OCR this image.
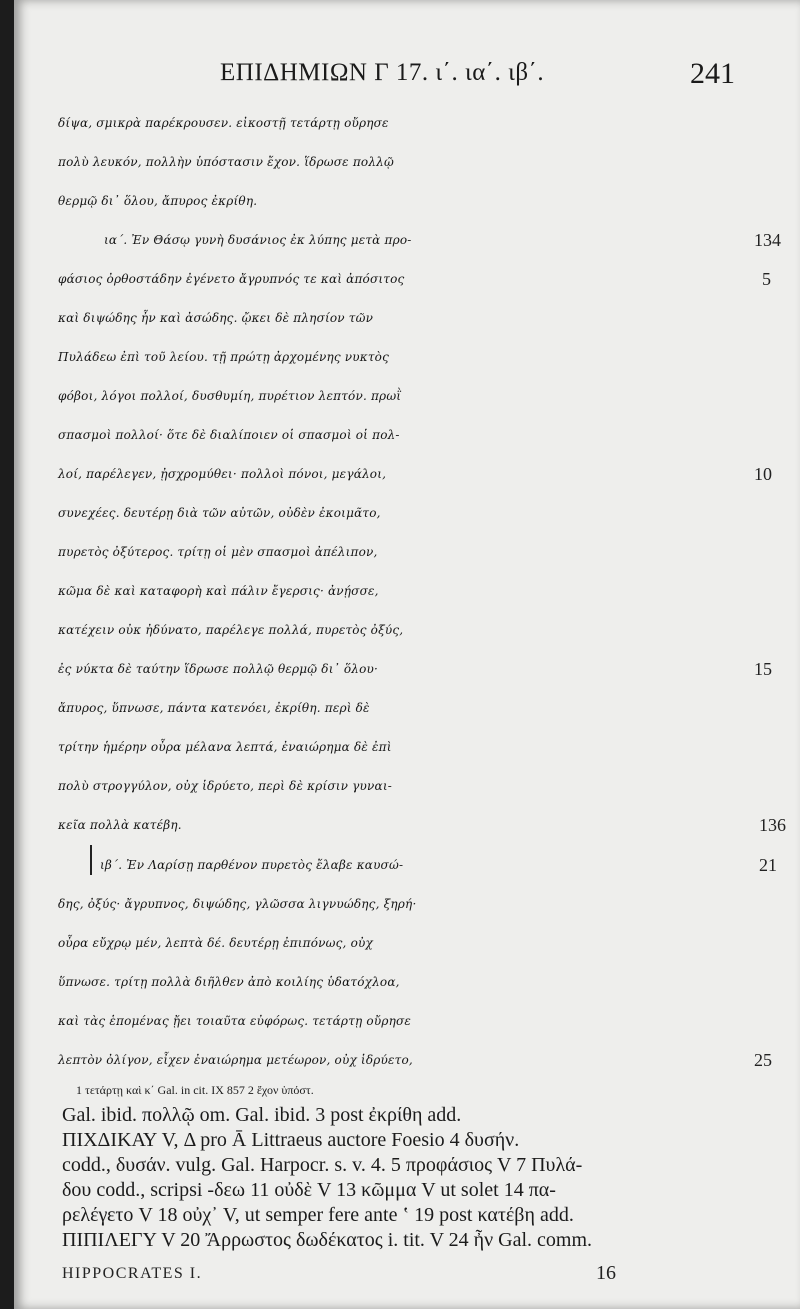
ΕΠΙΔΗΜΙΩΝ Γ 17. ι΄. ια΄. ιβ΄.	241
δίψα, σμικρὰ παρέκρουσεν. εἰκοστῇ τετάρτῃ οὔρησε
πολὺ λευκόν, πολλὴν ὑπόστασιν ἔχον. ἵδρωσε πολλῷ
θερμῷ δι᾽ ὅλου, ἄπυρος ἐκρίθη.
ια΄. Ἐν Θάσῳ γυνὴ δυσάνιος ἐκ λύπης μετὰ προ-
φάσιος ὀρθοστάδην ἐγένετο ἄγρυπνός τε καὶ ἀπόσιτος
καὶ διψώδης ἦν καὶ ἀσώδης. ᾤκει δὲ πλησίον τῶν
Πυλάδεω ἐπὶ τοῦ λείου. τῇ πρώτῃ ἀρχομένης νυκτὸς
φόβοι, λόγοι πολλοί, δυσθυμίη, πυρέτιον λεπτόν. πρωῒ
σπασμοὶ πολλοί· ὅτε δὲ διαλίποιεν οἱ σπασμοὶ οἱ πολ-
λοί, παρέλεγεν, ᾐσχρομύθει· πολλοὶ πόνοι, μεγάλοι,
συνεχέες. δευτέρῃ διὰ τῶν αὐτῶν, οὐδὲν ἐκοιμᾶτο,
πυρετὸς ὀξύτερος. τρίτῃ οἱ μὲν σπασμοὶ ἀπέλιπον,
κῶμα δὲ καὶ καταφορὴ καὶ πάλιν ἔγερσις· ἀνῄσσε,
κατέχειν οὐκ ἠδύνατο, παρέλεγε πολλά, πυρετὸς ὀξύς,
ἐς νύκτα δὲ ταύτην ἵδρωσε πολλῷ θερμῷ δι᾽ ὅλου·
ἄπυρος, ὕπνωσε, πάντα κατενόει, ἐκρίθη. περὶ δὲ
τρίτην ἡμέρην οὖρα μέλανα λεπτά, ἐναιώρημα δὲ ἐπὶ
πολὺ στρογγύλον, οὐχ ἱδρύετο, περὶ δὲ κρίσιν γυναι-
κεῖα πολλὰ κατέβη.
ιβ΄. Ἐν Λαρίσῃ παρθένον πυρετὸς ἔλαβε καυσώ-
δης, ὀξύς· ἄγρυπνος, διψώδης, γλῶσσα λιγνυώδης, ξηρή·
οὖρα εὔχρῳ μέν, λεπτὰ δέ. δευτέρῃ ἐπιπόνως, οὐχ
ὕπνωσε. τρίτῃ πολλὰ διῆλθεν ἀπὸ κοιλίης ὑδατόχλοα,
καὶ τὰς ἑπομένας ᾔει τοιαῦτα εὐφόρως. τετάρτῃ οὔρησε
λεπτὸν ὀλίγον, εἶχεν ἐναιώρημα μετέωρον, οὐχ ἱδρύετο,
134
5
10
15
136
21
25
1 τετάρτῃ καὶ κ΄ Gal. in cit. IX 857 2 ἔχον ὑπόστ.
Gal. ibid. πολλῷ om. Gal. ibid. 3 post ἐκρίθη add.
ΠΙΧΔΙΚΑΥ V, Δ pro Ā Littraeus auctore Foesio 4 δυσήν.
codd., δυσάν. vulg. Gal. Harpocr. s. v. 4. 5 προφάσιος V 7 Πυλά-
δου codd., scripsi -δεω 11 οὐδὲ V 13 κῶμμα V ut solet 14 πα-
ρελέγετο V 18 οὐχ᾽ V, ut semper fere ante ʽ 19 post κατέβη add.
ΠΙΠΙΛΕΓΥ V 20 Ἄρρωστος δωδέκατος i. tit. V 24 ἦν Gal. comm.
HIPPOCRATES I.	16
